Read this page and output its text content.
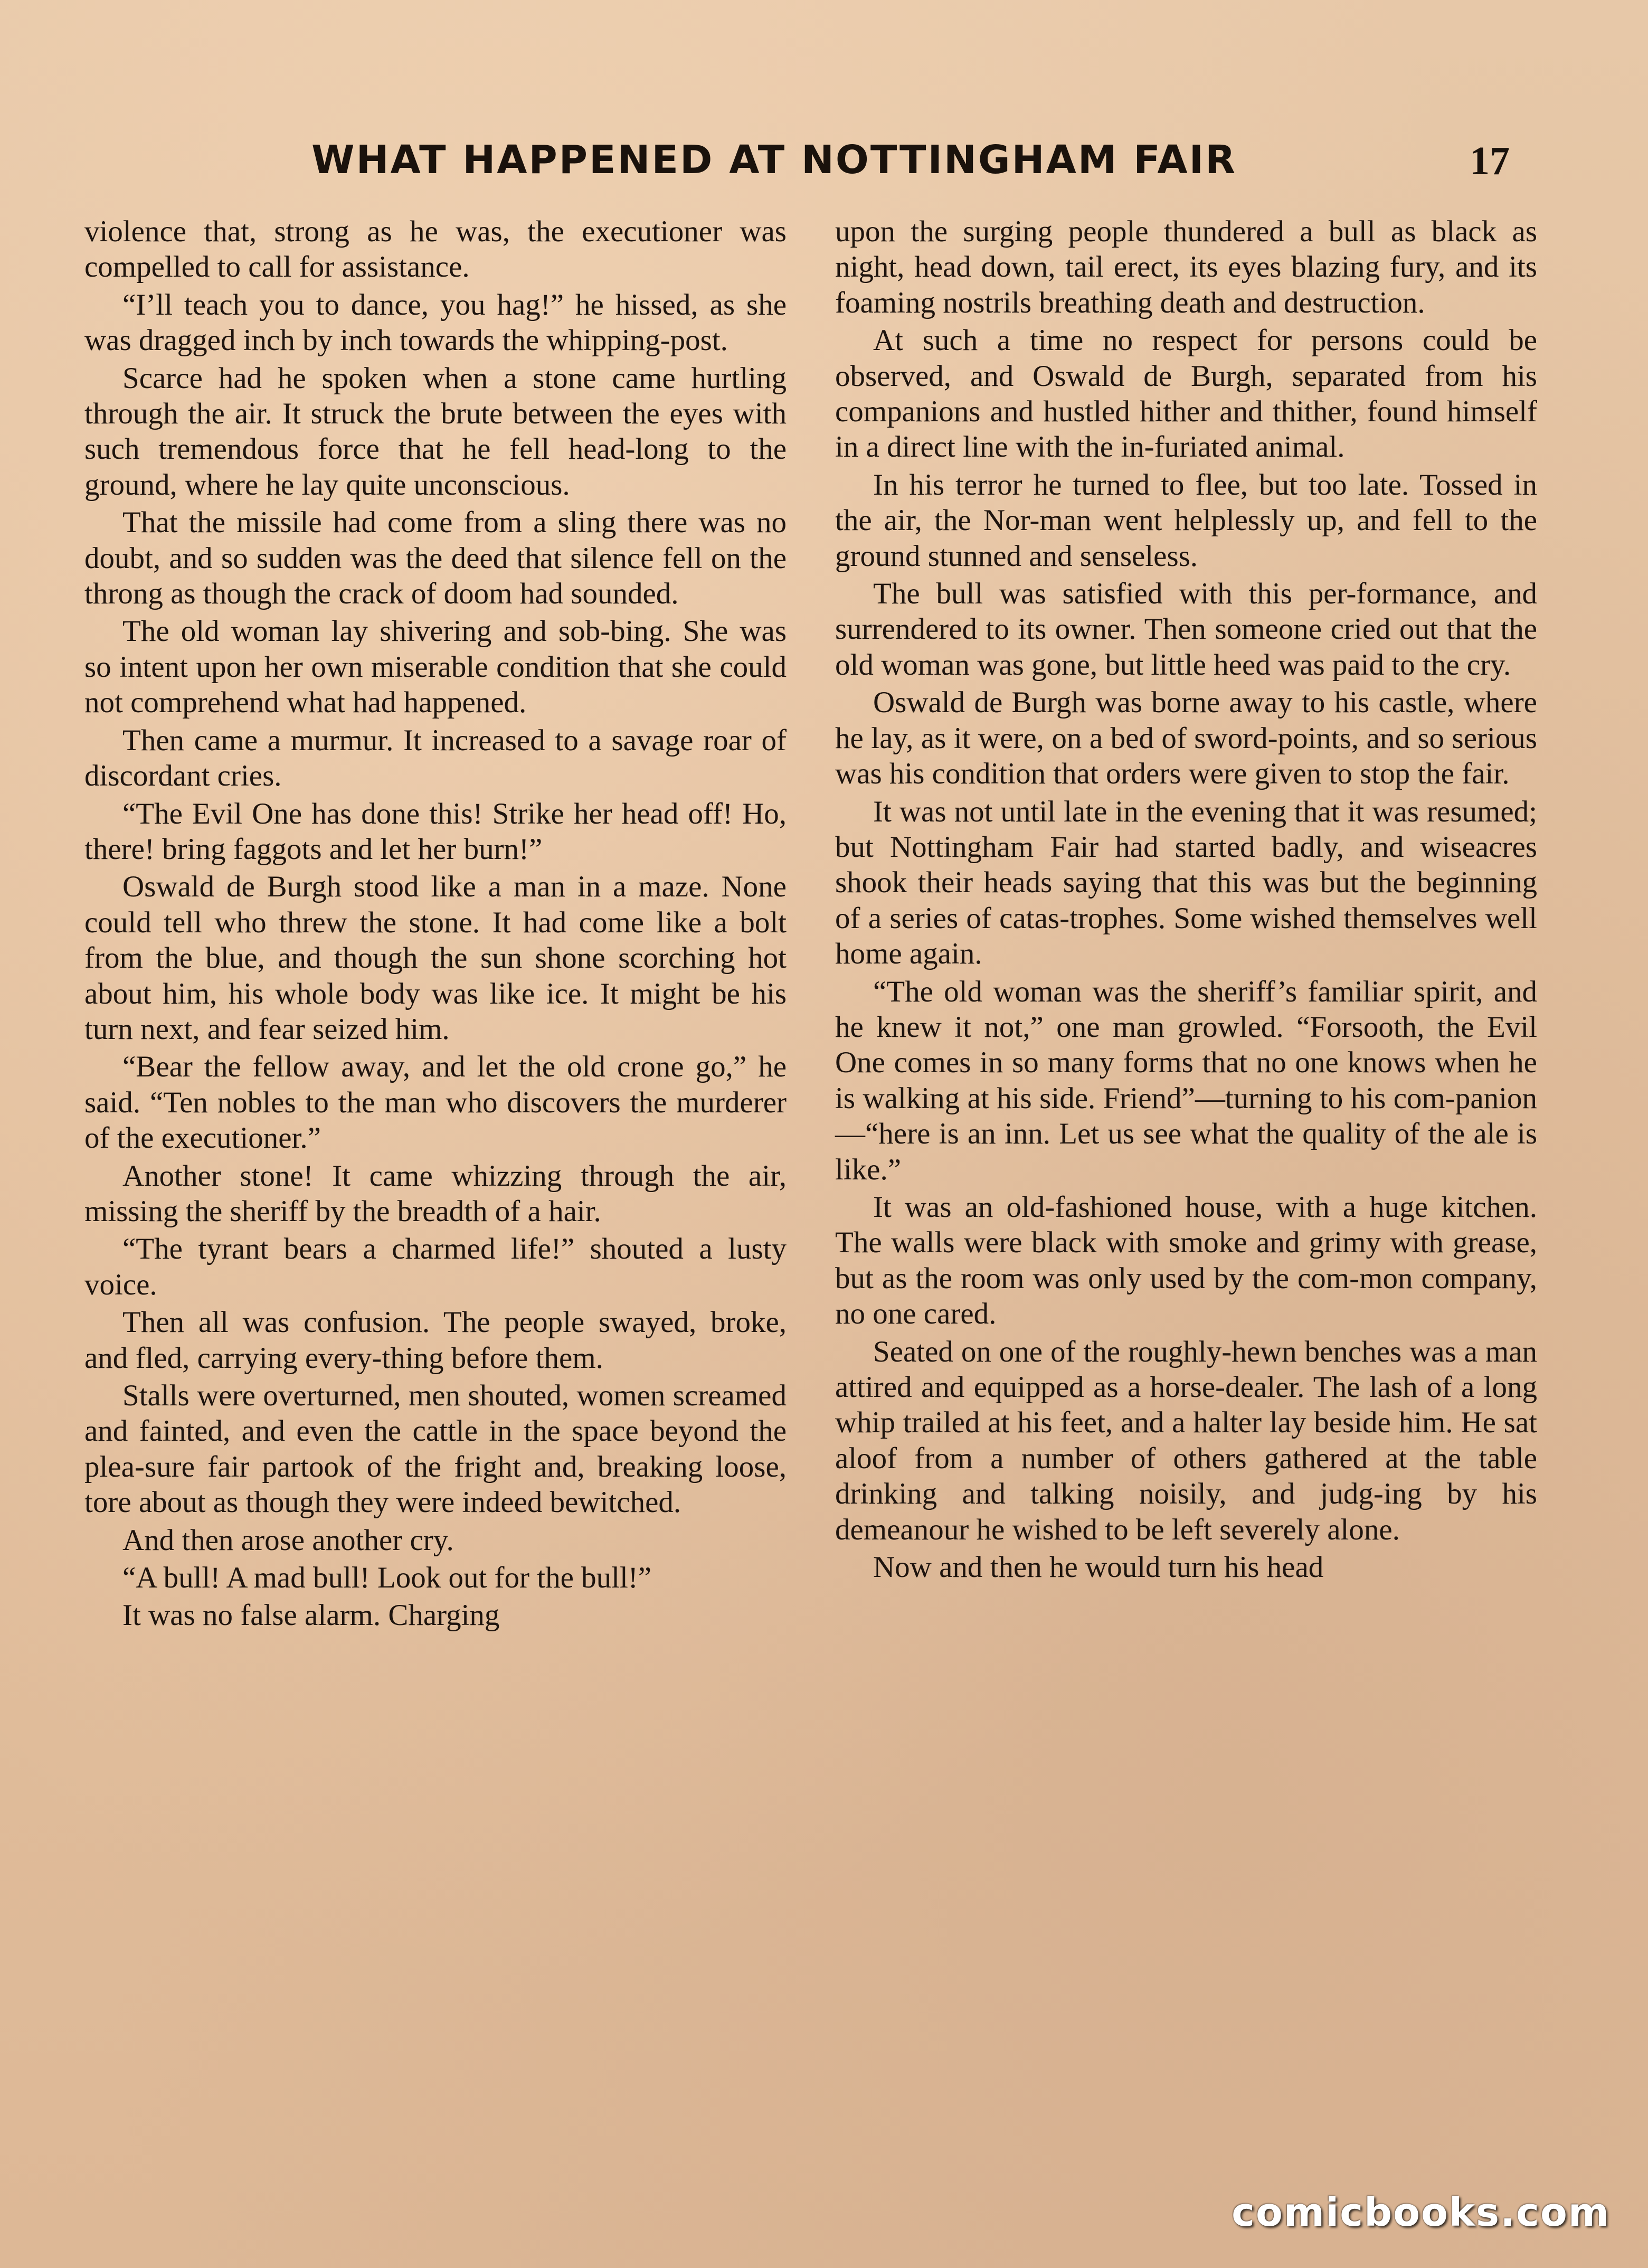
WHAT HAPPENED AT NOTTINGHAM FAIR	17

violence that, strong as he was, the executioner was compelled to call for assistance.

“I’ll teach you to dance, you hag!” he hissed, as she was dragged inch by inch towards the whipping-post.

Scarce had he spoken when a stone came hurtling through the air. It struck the brute between the eyes with such tremendous force that he fell head-long to the ground, where he lay quite unconscious.

That the missile had come from a sling there was no doubt, and so sudden was the deed that silence fell on the throng as though the crack of doom had sounded.

The old woman lay shivering and sob-bing. She was so intent upon her own miserable condition that she could not comprehend what had happened.

Then came a murmur. It increased to a savage roar of discordant cries.

“The Evil One has done this! Strike her head off! Ho, there! bring faggots and let her burn!”

Oswald de Burgh stood like a man in a maze. None could tell who threw the stone. It had come like a bolt from the blue, and though the sun shone scorching hot about him, his whole body was like ice. It might be his turn next, and fear seized him.

“Bear the fellow away, and let the old crone go,” he said. “Ten nobles to the man who discovers the murderer of the executioner.”

Another stone! It came whizzing through the air, missing the sheriff by the breadth of a hair.

“The tyrant bears a charmed life!” shouted a lusty voice.

Then all was confusion. The people swayed, broke, and fled, carrying every-thing before them.

Stalls were overturned, men shouted, women screamed and fainted, and even the cattle in the space beyond the plea-sure fair partook of the fright and, breaking loose, tore about as though they were indeed bewitched.

And then arose another cry.

“A bull! A mad bull! Look out for the bull!”

It was no false alarm. Charging

upon the surging people thundered a bull as black as night, head down, tail erect, its eyes blazing fury, and its foaming nostrils breathing death and destruction.

At such a time no respect for persons could be observed, and Oswald de Burgh, separated from his companions and hustled hither and thither, found himself in a direct line with the in-furiated animal.

In his terror he turned to flee, but too late. Tossed in the air, the Nor-man went helplessly up, and fell to the ground stunned and senseless.

The bull was satisfied with this per-formance, and surrendered to its owner. Then someone cried out that the old woman was gone, but little heed was paid to the cry.

Oswald de Burgh was borne away to his castle, where he lay, as it were, on a bed of sword-points, and so serious was his condition that orders were given to stop the fair.

It was not until late in the evening that it was resumed; but Nottingham Fair had started badly, and wiseacres shook their heads saying that this was but the beginning of a series of catas-trophes. Some wished themselves well home again.

“The old woman was the sheriff’s familiar spirit, and he knew it not,” one man growled. “Forsooth, the Evil One comes in so many forms that no one knows when he is walking at his side. Friend”—turning to his com-panion—“here is an inn. Let us see what the quality of the ale is like.”

It was an old-fashioned house, with a huge kitchen. The walls were black with smoke and grimy with grease, but as the room was only used by the com-mon company, no one cared.

Seated on one of the roughly-hewn benches was a man attired and equipped as a horse-dealer. The lash of a long whip trailed at his feet, and a halter lay beside him. He sat aloof from a number of others gathered at the table drinking and talking noisily, and judg-ing by his demeanour he wished to be left severely alone.

Now and then he would turn his head

comicbooks.com
